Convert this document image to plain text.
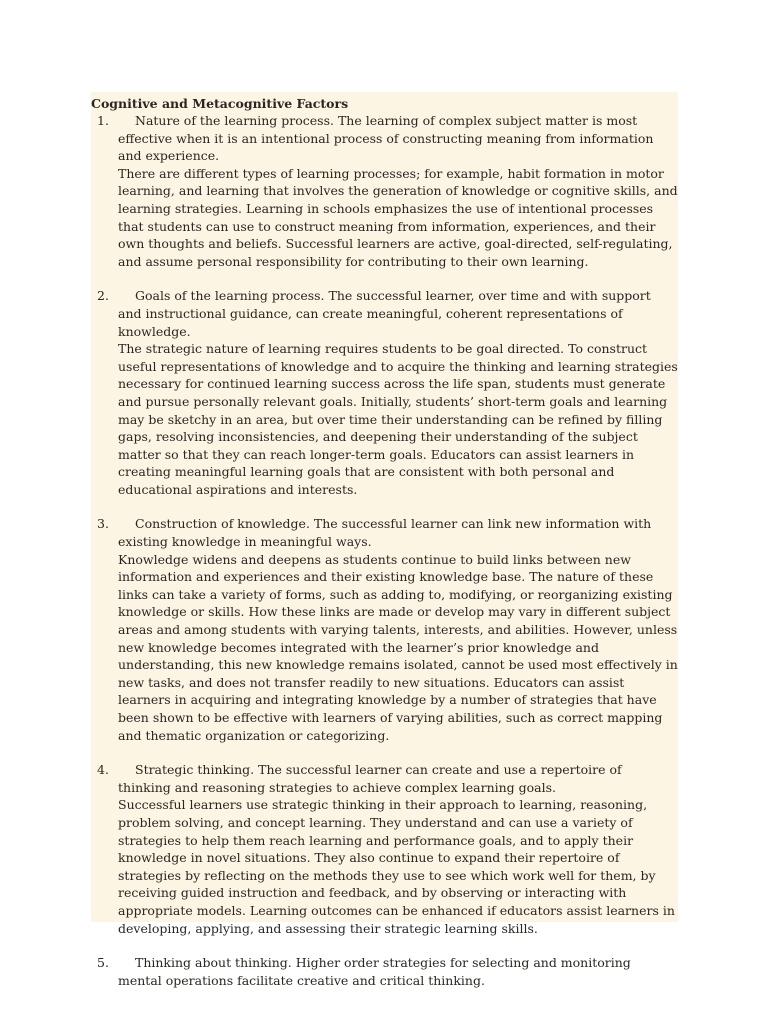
Cognitive and Metacognitive Factors
1.	Nature of the learning process. The learning of complex subject matter is most effective when it is an intentional process of constructing meaning from information and experience.
There are different types of learning processes; for example, habit formation in motor learning, and learning that involves the generation of knowledge or cognitive skills, and learning strategies. Learning in schools emphasizes the use of intentional processes that students can use to construct meaning from information, experiences, and their own thoughts and beliefs. Successful learners are active, goal-directed, self-regulating, and assume personal responsibility for contributing to their own learning.
2.	Goals of the learning process. The successful learner, over time and with support and instructional guidance, can create meaningful, coherent representations of knowledge.
The strategic nature of learning requires students to be goal directed. To construct useful representations of knowledge and to acquire the thinking and learning strategies necessary for continued learning success across the life span, students must generate and pursue personally relevant goals. Initially, students’ short-term goals and learning may be sketchy in an area, but over time their understanding can be refined by filling gaps, resolving inconsistencies, and deepening their understanding of the subject matter so that they can reach longer-term goals. Educators can assist learners in creating meaningful learning goals that are consistent with both personal and educational aspirations and interests.
3.	Construction of knowledge. The successful learner can link new information with existing knowledge in meaningful ways.
Knowledge widens and deepens as students continue to build links between new information and experiences and their existing knowledge base. The nature of these links can take a variety of forms, such as adding to, modifying, or reorganizing existing knowledge or skills. How these links are made or develop may vary in different subject areas and among students with varying talents, interests, and abilities. However, unless new knowledge becomes integrated with the learner’s prior knowledge and understanding, this new knowledge remains isolated, cannot be used most effectively in new tasks, and does not transfer readily to new situations. Educators can assist learners in acquiring and integrating knowledge by a number of strategies that have been shown to be effective with learners of varying abilities, such as correct mapping and thematic organization or categorizing.
4.	Strategic thinking. The successful learner can create and use a repertoire of thinking and reasoning strategies to achieve complex learning goals.
Successful learners use strategic thinking in their approach to learning, reasoning, problem solving, and concept learning. They understand and can use a variety of strategies to help them reach learning and performance goals, and to apply their knowledge in novel situations. They also continue to expand their repertoire of strategies by reflecting on the methods they use to see which work well for them, by receiving guided instruction and feedback, and by observing or interacting with appropriate models. Learning outcomes can be enhanced if educators assist learners in developing, applying, and assessing their strategic learning skills.
5.	Thinking about thinking. Higher order strategies for selecting and monitoring mental operations facilitate creative and critical thinking.
